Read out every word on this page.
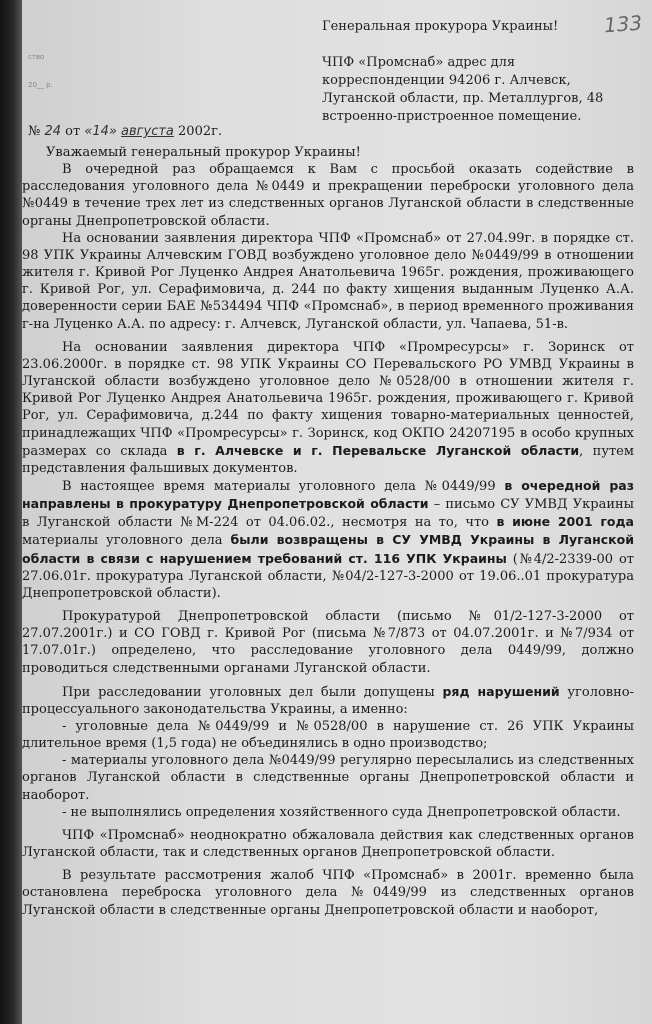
ство
20__ р.
133
Генеральная прокурора Украины!
ЧПФ «Промснаб» адрес для корреспонденции 94206 г. Алчевск, Луганской области, пр. Металлургов, 48 встроенно-пристроенное помещение.
№ 24 от «14» августа 2002г.

Уважаемый генеральный прокурор Украины!

В очередной раз обращаемся к Вам с просьбой оказать содействие в расследования уголовного дела №0449 и прекращении переброски уголовного дела №0449 в течение трех лет из следственных органов Луганской области в следственные органы Днепропетровской области.

На основании заявления директора ЧПФ «Промснаб» от 27.04.99г. в порядке ст. 98 УПК Украины Алчевским ГОВД возбуждено уголовное дело №0449/99 в отношении жителя г. Кривой Рог Луценко Андрея Анатольевича 1965г. рождения, проживающего г. Кривой Рог, ул. Серафимовича, д. 244 по факту хищения выданным Луценко А.А. доверенности серии БАЕ №534494 ЧПФ «Промснаб», в период временного проживания г-на Луценко А.А. по адресу: г. Алчевск, Луганской области, ул. Чапаева, 51-в.

На основании заявления директора ЧПФ «Промресурсы» г. Зоринск от 23.06.2000г. в порядке ст. 98 УПК Украины СО Перевальского РО УМВД Украины в Луганской области возбуждено уголовное дело №0528/00 в отношении жителя г. Кривой Рог Луценко Андрея Анатольевича 1965г. рождения, проживающего г. Кривой Рог, ул. Серафимовича, д.244 по факту хищения товарно-материальных ценностей, принадлежащих ЧПФ «Промресурсы» г. Зоринск, код ОКПО 24207195 в особо крупных размерах со склада в г. Алчевске и г. Перевальске Луганской области, путем представления фальшивых документов.

В настоящее время материалы уголовного дела №0449/99 в очередной раз направлены в прокуратуру Днепропетровской области – письмо СУ УМВД Украины в Луганской области №М-224 от 04.06.02., несмотря на то, что в июне 2001 года материалы уголовного дела были возвращены в СУ УМВД Украины в Луганской области в связи с нарушением требований ст. 116 УПК Украины (№4/2-2339-00 от 27.06.01г. прокуратура Луганской области, №04/2-127-3-2000 от 19.06..01 прокуратура Днепропетровской области).

Прокуратурой Днепропетровской области (письмо №01/2-127-3-2000 от 27.07.2001г.) и СО ГОВД г. Кривой Рог (письма №7/873 от 04.07.2001г. и №7/934 от 17.07.01г.) определено, что расследование уголовного дела 0449/99, должно проводиться следственными органами Луганской области.

При расследовании уголовных дел были допущены ряд нарушений уголовно-процессуального законодательства Украины, а именно:

- уголовные дела №0449/99 и №0528/00 в нарушение ст. 26 УПК Украины длительное время (1,5 года) не объединялись в одно производство;

- материалы уголовного дела №0449/99 регулярно пересылались из следственных органов Луганской области в следственные органы Днепропетровской области и наоборот.

- не выполнялись определения хозяйственного суда Днепропетровской области.

ЧПФ «Промснаб» неоднократно обжаловала действия как следственных органов Луганской области, так и следственных органов Днепропетровской области.

В результате рассмотрения жалоб ЧПФ «Промснаб» в 2001г. временно была остановлена переброска уголовного дела №0449/99 из следственных органов Луганской области в следственные органы Днепропетровской области и наоборот,
